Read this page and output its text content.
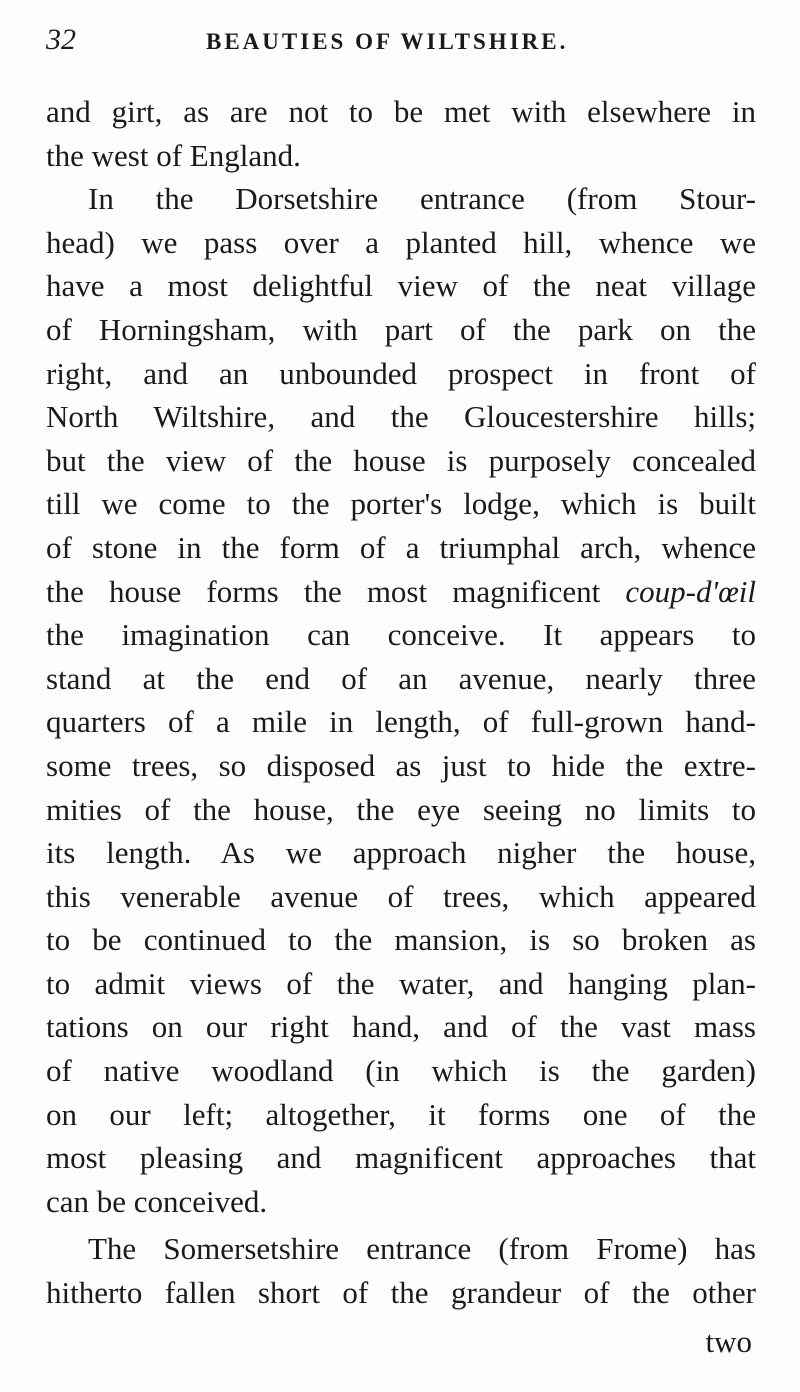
32	BEAUTIES OF WILTSHIRE.
and girt, as are not to be met with elsewhere in
the west of England.
In the Dorsetshire entrance (from Stour-
head) we pass over a planted hill, whence we
have a most delightful view of the neat village
of Horningsham, with part of the park on the
right, and an unbounded prospect in front of
North Wiltshire, and the Gloucestershire hills;
but the view of the house is purposely concealed
till we come to the porter's lodge, which is built
of stone in the form of a triumphal arch, whence
the house forms the most magnificent coup-d'œil
the imagination can conceive. It appears to
stand at the end of an avenue, nearly three
quarters of a mile in length, of full-grown hand-
some trees, so disposed as just to hide the extre-
mities of the house, the eye seeing no limits to
its length. As we approach nigher the house,
this venerable avenue of trees, which appeared
to be continued to the mansion, is so broken as
to admit views of the water, and hanging plan-
tations on our right hand, and of the vast mass
of native woodland (in which is the garden)
on our left; altogether, it forms one of the
most pleasing and magnificent approaches that
can be conceived.
The Somersetshire entrance (from Frome) has
hitherto fallen short of the grandeur of the other
two
